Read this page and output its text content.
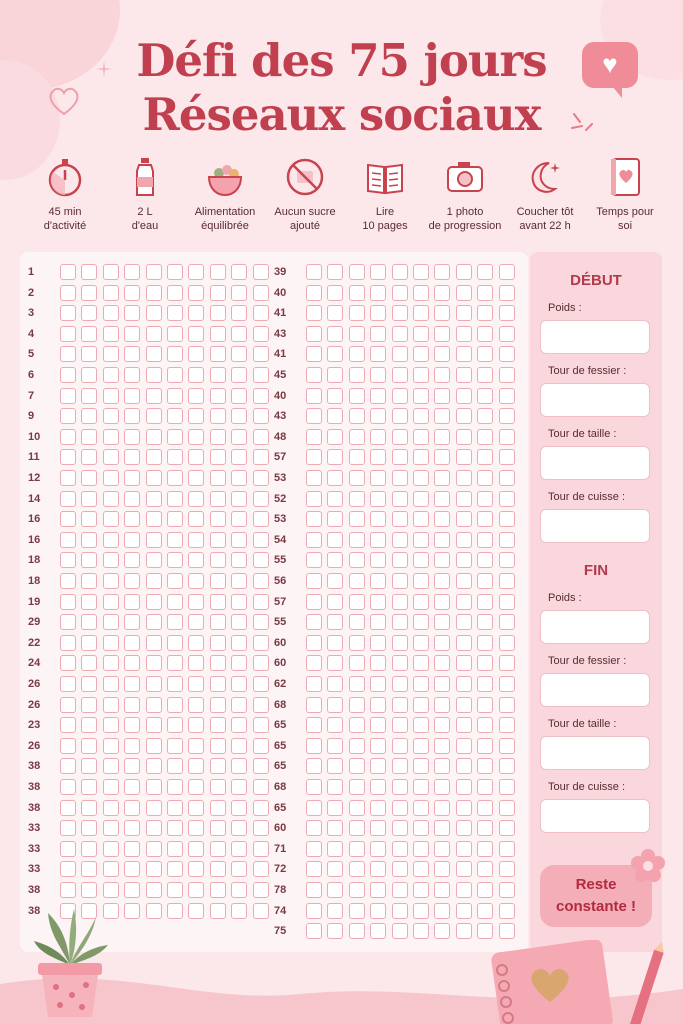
Défi des 75 jours
Réseaux sociaux
♥
45 min
d'activité
2 L
d'eau
Alimentation
équilibrée
Aucun sucre
ajouté
Lire
10 pages
1 photo
de progression
Coucher tôt
avant 22 h
Temps pour
soi
1
2
3
4
5
6
7
9
10
11
12
14
16
16
18
18
19
29
22
24
26
26
23
26
38
38
38
33
33
33
38
38
39
40
41
43
41
45
40
43
48
57
53
52
53
54
55
56
57
55
60
60
62
68
65
65
65
68
65
60
71
72
78
74
75
DÉBUT
Poids :
Tour de fessier :
Tour de taille :
Tour de cuisse :
FIN
Poids :
Tour de fessier :
Tour de taille :
Tour de cuisse :
Reste
constante !
